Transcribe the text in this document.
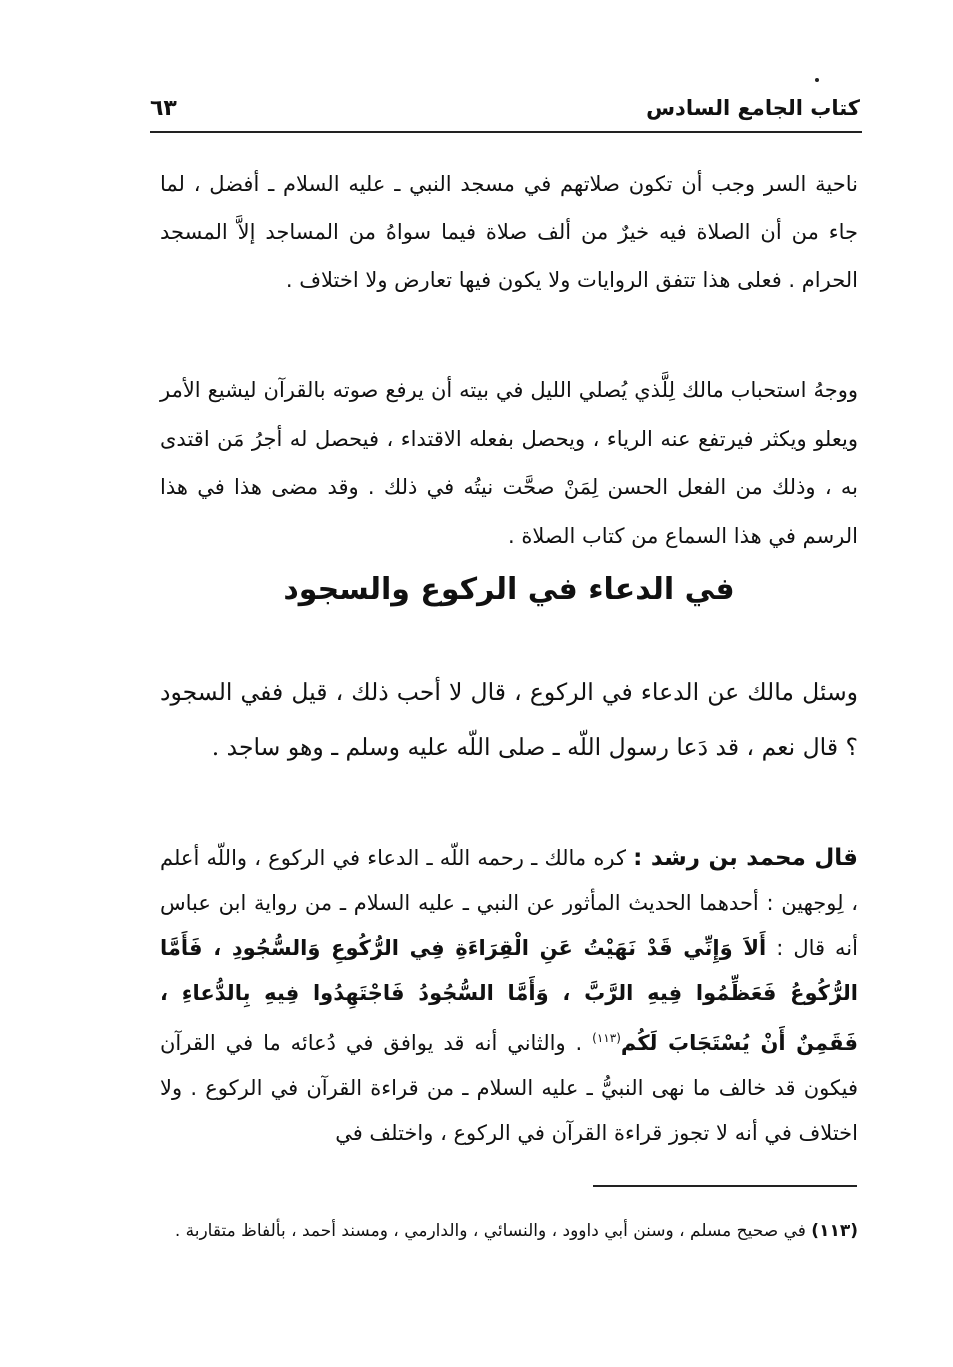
كتاب الجامع السادس
٦٣

ناحية السر وجب أن تكون صلاتهم في مسجد النبي ـ عليه السلام ـ أفضل ، لما جاء من أن الصلاة فيه خيرٌ من ألف صلاة فيما سواهُ من المساجد إلاَّ المسجد الحرام . فعلى هذا تتفق الروايات ولا يكون فيها تعارض ولا اختلاف .

ووجهُ استحباب مالك لِلَّذي يُصلي الليل في بيته أن يرفع صوته بالقرآن ليشيع الأمر ويعلو ويكثر فيرتفع عنه الرياء ، ويحصل بفعله الاقتداء ، فيحصل له أجرُ مَن اقتدى به ، وذلك من الفعل الحسن لِمَنْ صحَّت نيتُه في ذلك . وقد مضى هذا في هذا الرسم في هذا السماع من كتاب الصلاة .

في الدعاء في الركوع والسجود

وسئل مالك عن الدعاء في الركوع ، قال لا أحب ذلك ، قيل ففي السجود ؟ قال نعم ، قد دَعا رسول اللّه ـ صلى اللّه عليه وسلم ـ وهو ساجد .

قال محمد بن رشد : كره مالك ـ رحمه اللّه ـ الدعاء في الركوع ، واللّه أعلم ، لِوجهين : أحدهما الحديث المأثور عن النبي ـ عليه السلام ـ من رواية ابن عباس أنه قال : أَلاَ وَإِنِّي قَدْ نَهَيْتُ عَنِ الْقِرَاءَةِ فِي الرُّكُوعِ وَالسُّجُودِ ، فَأَمَّا الرُّكُوعُ فَعَظِّمُوا فِيهِ الرَّبَّ ، وَأَمَّا السُّجُودُ فَاجْتَهِدُوا فِيهِ بِالدُّعاءِ ، فَقَمِنٌ أَنْ يُسْتَجَابَ لَكُم$^{(١١٣)}$ . والثاني أنه قد يوافق في دُعائه ما في القرآن فيكون قد خالف ما نهى النبيُّ ـ عليه السلام ـ من قراءة القرآن في الركوع . ولا اختلاف في أنه لا تجوز قراءة القرآن في الركوع ، واختلف في

(١١٣) في صحيح مسلم ، وسنن أبي داوود ، والنسائي ، والدارمي ، ومسند أحمد ، بألفاظ متقاربة .
